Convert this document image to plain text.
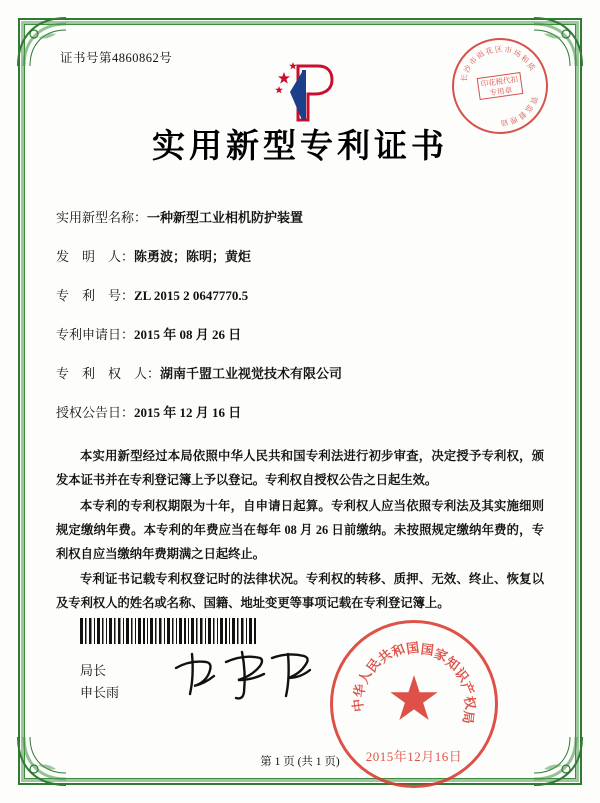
长
沙
市
雨
花 区 市 场
和
质
管
监
督
理
局
印花税代扣专用章
证书号第4860862号
实用新型专利证书
实用新型名称： 一种新型工业相机防护装置
发　明　人： 陈勇波；陈明；黄炬
专　利　号： ZL 2015 2 0647770.5
专利申请日： 2015 年 08 月 26 日
专　利　权　人： 湖南千盟工业视觉技术有限公司
授权公告日： 2015 年 12 月 16 日

本实用新型经过本局依照中华人民共和国专利法进行初步审查，决定授予专利权，颁发本证书并在专利登记簿上予以登记。专利权自授权公告之日起生效。

本专利的专利权期限为十年，自申请日起算。专利权人应当依照专利法及其实施细则规定缴纳年费。本专利的年费应当在每年 08 月 26 日前缴纳。未按照规定缴纳年费的，专利权自应当缴纳年费期满之日起终止。

专利证书记载专利权登记时的法律状况。专利权的转移、质押、无效、终止、恢复以及专利权人的姓名或名称、国籍、地址变更等事项记载在专利登记簿上。

局长
申长雨
中
华
人
民
共
和
国 国
家
知
识
产
权
局
2015年12月16日
第 1 页 (共 1 页)
